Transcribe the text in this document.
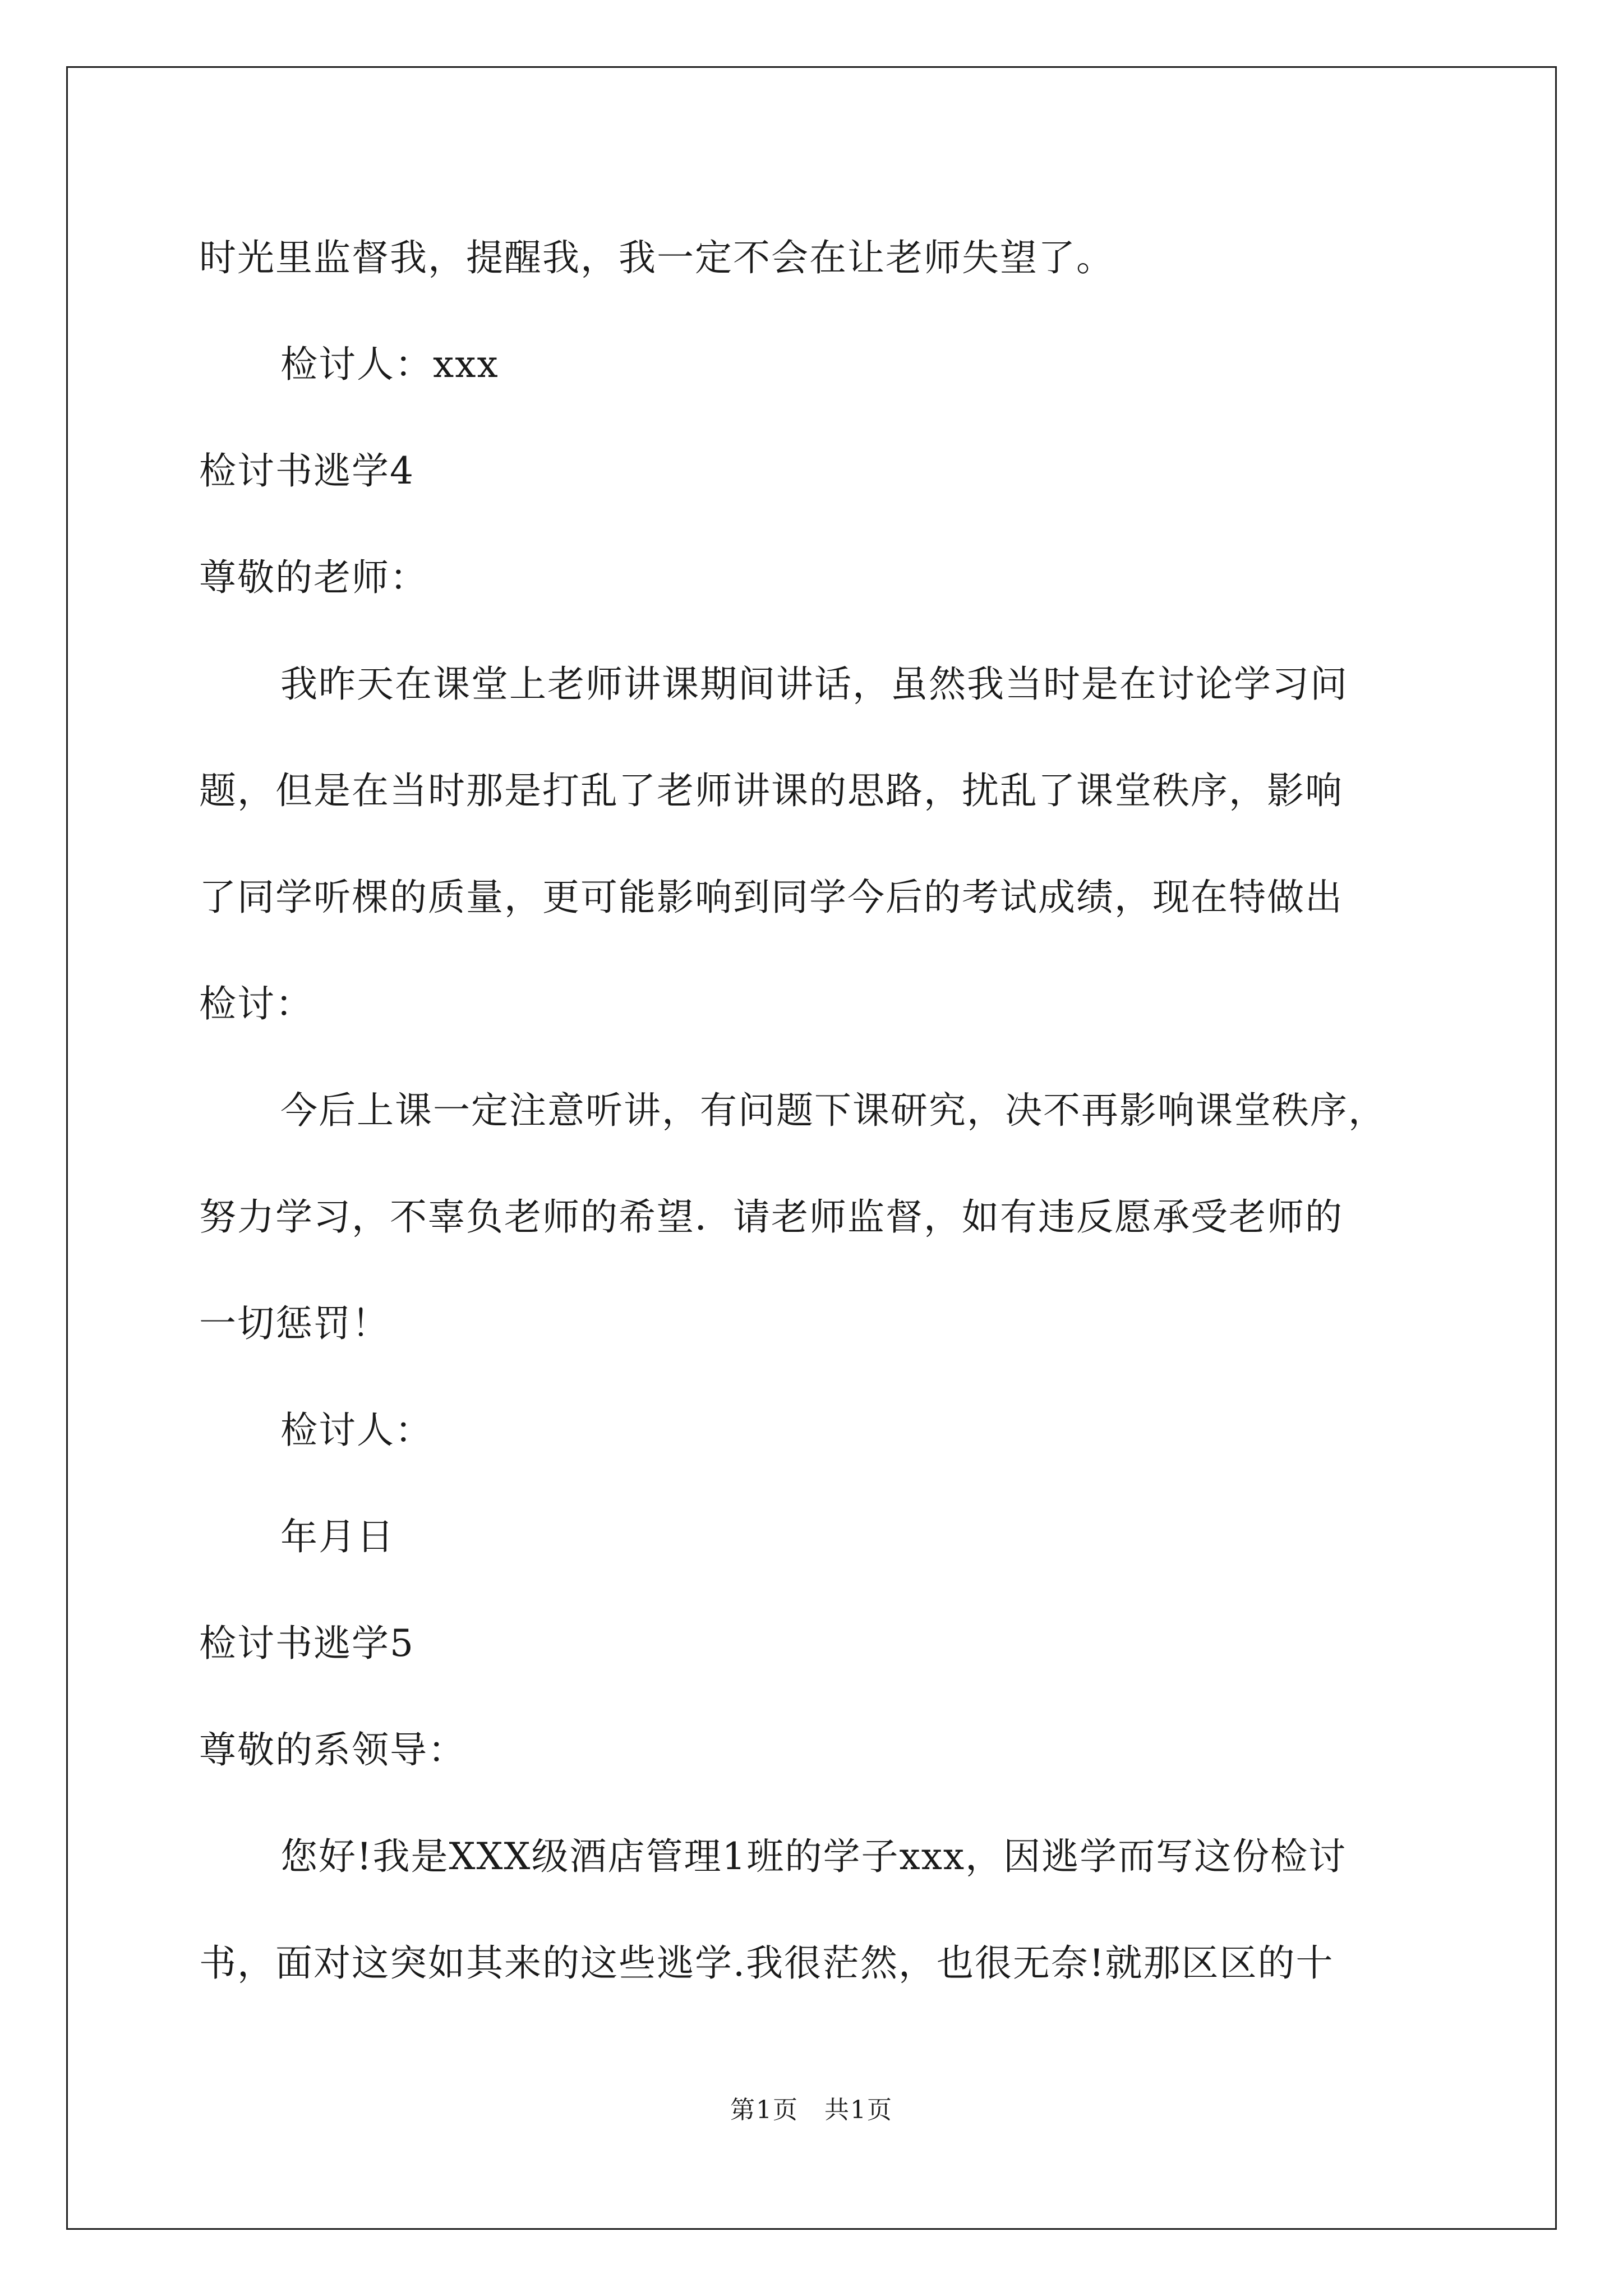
时光里监督我，提醒我，我一定不会在让老师失望了。
检讨人：xxx
检讨书逃学4
尊敬的老师：
我昨天在课堂上老师讲课期间讲话，虽然我当时是在讨论学习问
题，但是在当时那是打乱了老师讲课的思路，扰乱了课堂秩序，影响
了同学听棵的质量，更可能影响到同学今后的考试成绩，现在特做出
检讨：
今后上课一定注意听讲，有问题下课研究，决不再影响课堂秩序，
努力学习，不辜负老师的希望．请老师监督，如有违反愿承受老师的
一切惩罚！
检讨人：
年月日
检讨书逃学5
尊敬的系领导：
您好!我是XXX级酒店管理1班的学子xxx，因逃学而写这份检讨
书，面对这突如其来的这些逃学.我很茫然，也很无奈!就那区区的十
第1页　共1页
